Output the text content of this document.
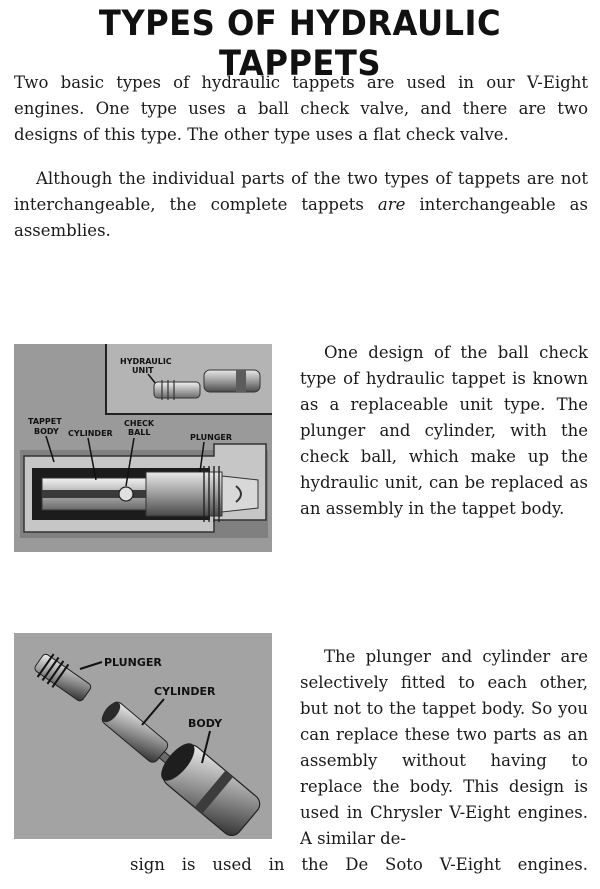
TYPES OF HYDRAULIC TAPPETS

Two basic types of hydraulic tappets are used in our V-Eight engines. One type uses a ball check valve, and there are two designs of this type. The other type uses a flat check valve.

Although the individual parts of the two types of tappets are not interchangeable, the complete tappets are interchangeable as assemblies.

HYDRAULIC
UNIT
TAPPET
BODY CYLINDER
CHECK
BALL
PLUNGER

One design of the ball check type of hydraulic tappet is known as a replaceable unit type. The plunger and cylinder, with the check ball, which make up the hydraulic unit, can be replaced as an assembly in the tappet body.

PLUNGER
CYLINDER
BODY

The plunger and cylinder are selectively fitted to each other, but not to the tappet body. So you can replace these two parts as an assembly without having to replace the body. This design is used in Chrysler V-Eight engines. A similar de-

sign is used in the De Soto V-Eight engines.
